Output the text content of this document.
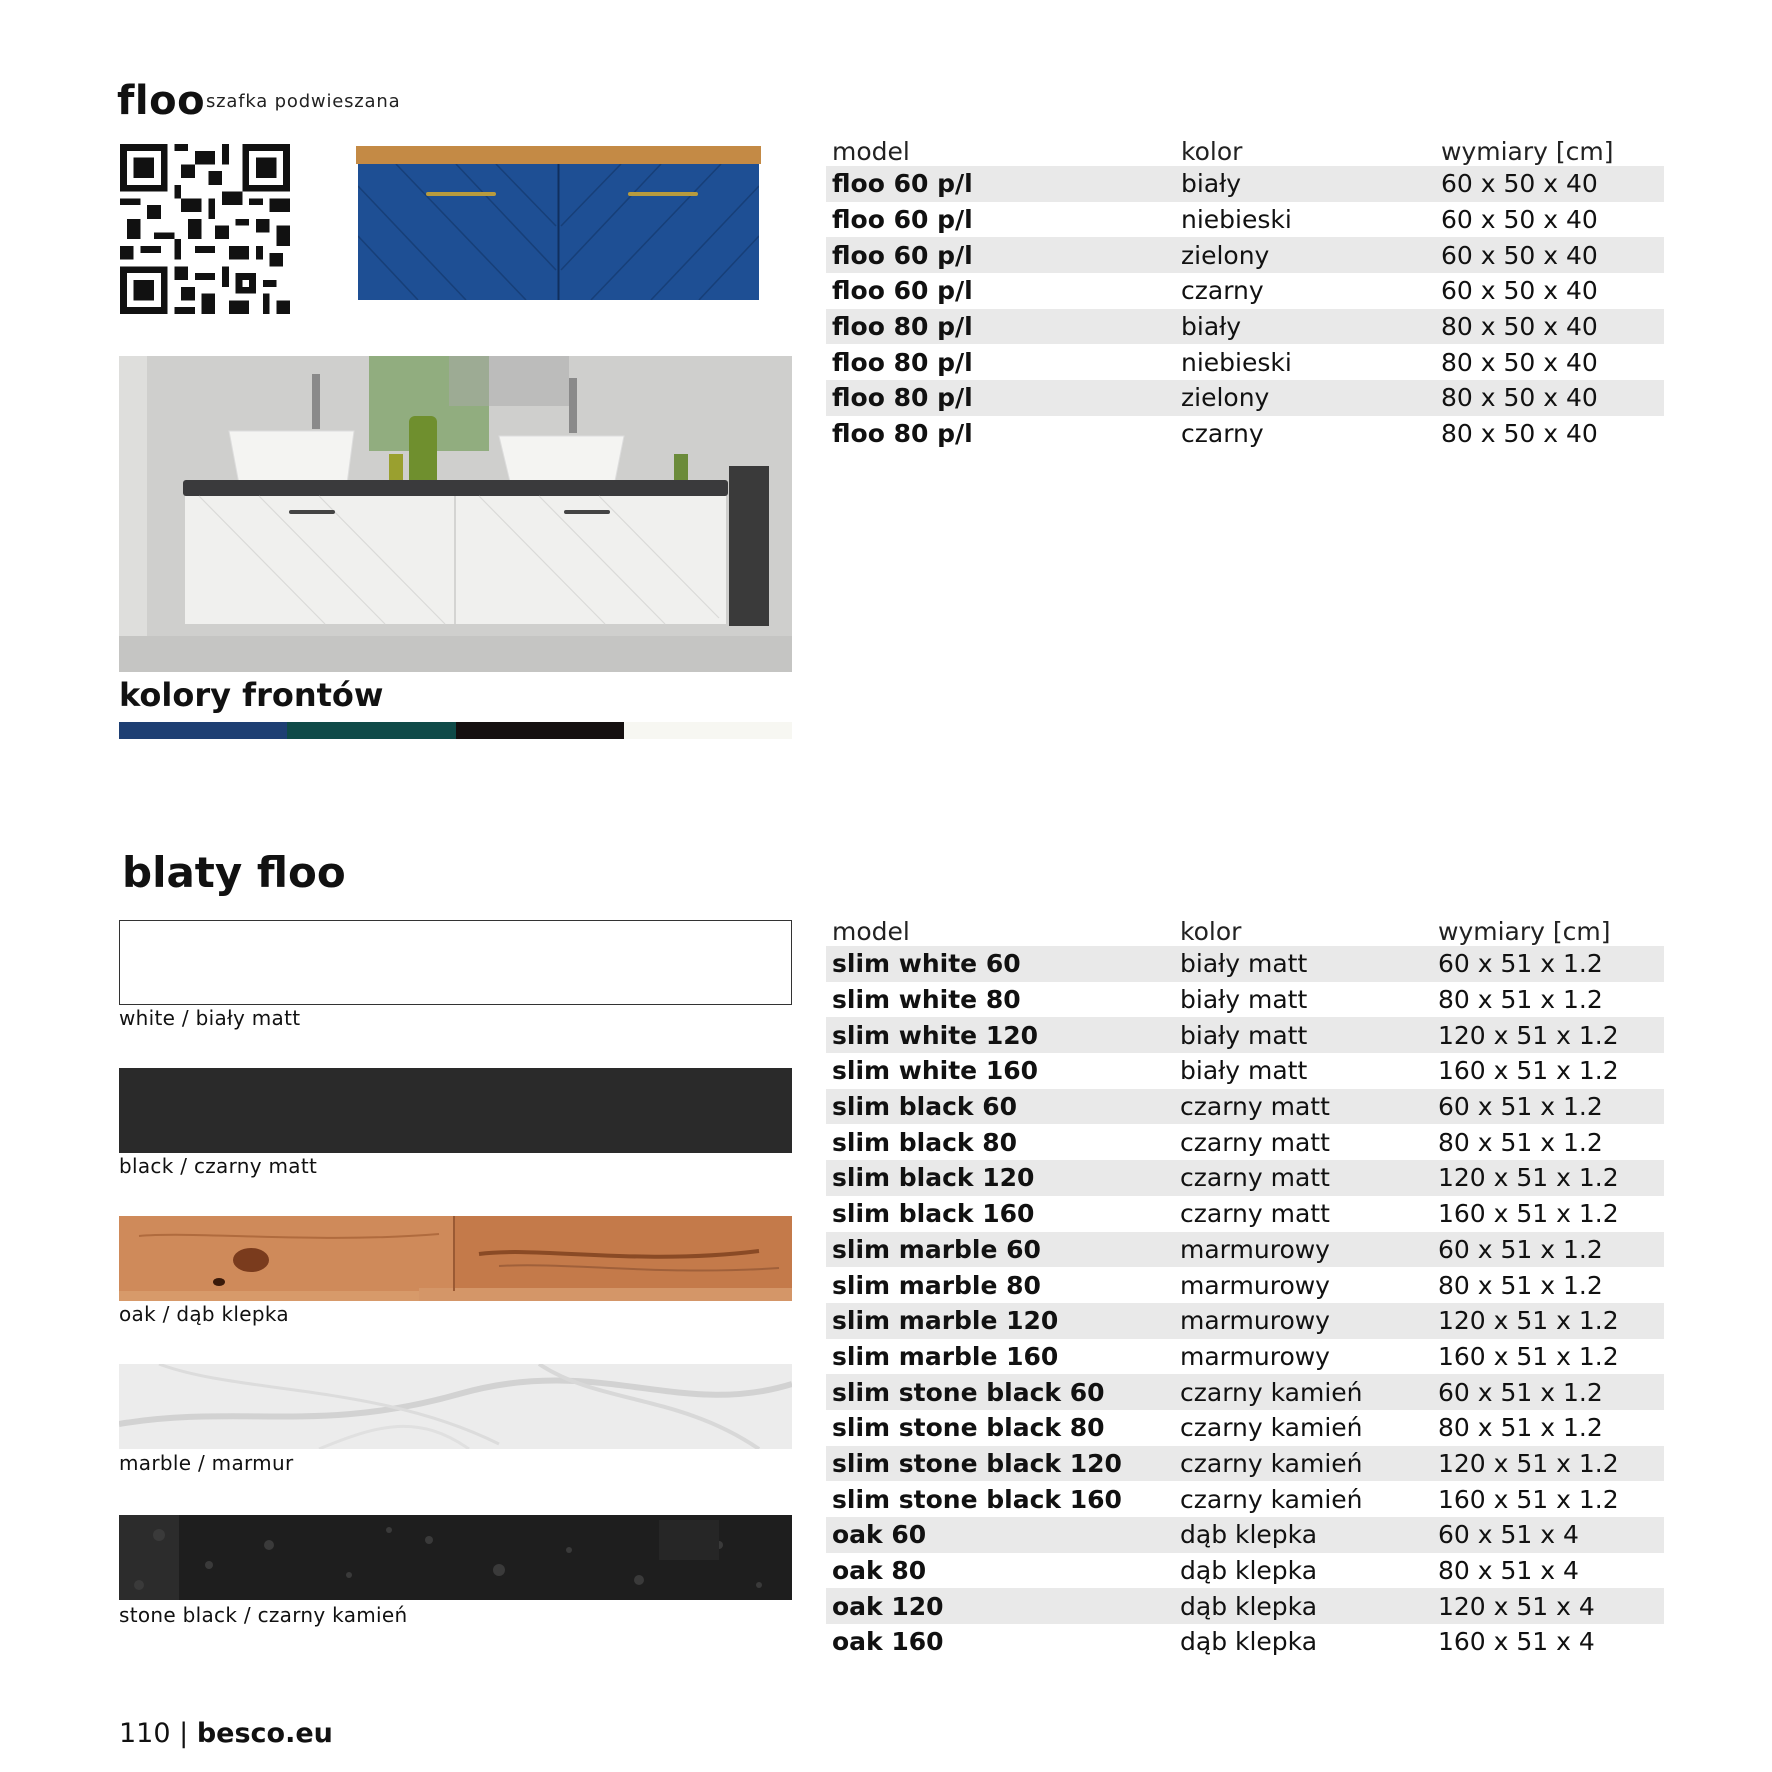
floo szafka podwieszana
kolory frontów
model	kolor	wymiary [cm]
floo 60 p/l	biały	60 x 50 x 40
floo 60 p/l	niebieski	60 x 50 x 40
floo 60 p/l	zielony	60 x 50 x 40
floo 60 p/l	czarny	60 x 50 x 40
floo 80 p/l	biały	80 x 50 x 40
floo 80 p/l	niebieski	80 x 50 x 40
floo 80 p/l	zielony	80 x 50 x 40
floo 80 p/l	czarny	80 x 50 x 40
blaty floo
white / biały matt
black / czarny matt
oak / dąb klepka
marble / marmur
stone black / czarny kamień
model	kolor	wymiary [cm]
slim white 60	biały matt	60 x 51 x 1.2
slim white 80	biały matt	80 x 51 x 1.2
slim white 120	biały matt	120 x 51 x 1.2
slim white 160	biały matt	160 x 51 x 1.2
slim black 60	czarny matt	60 x 51 x 1.2
slim black 80	czarny matt	80 x 51 x 1.2
slim black 120	czarny matt	120 x 51 x 1.2
slim black 160	czarny matt	160 x 51 x 1.2
slim marble 60	marmurowy	60 x 51 x 1.2
slim marble 80	marmurowy	80 x 51 x 1.2
slim marble 120	marmurowy	120 x 51 x 1.2
slim marble 160	marmurowy	160 x 51 x 1.2
slim stone black 60	czarny kamień	60 x 51 x 1.2
slim stone black 80	czarny kamień	80 x 51 x 1.2
slim stone black 120	czarny kamień	120 x 51 x 1.2
slim stone black 160	czarny kamień	160 x 51 x 1.2
oak 60	dąb klepka	60 x 51 x 4
oak 80	dąb klepka	80 x 51 x 4
oak 120	dąb klepka	120 x 51 x 4
oak 160	dąb klepka	160 x 51 x 4
110 | besco.eu
